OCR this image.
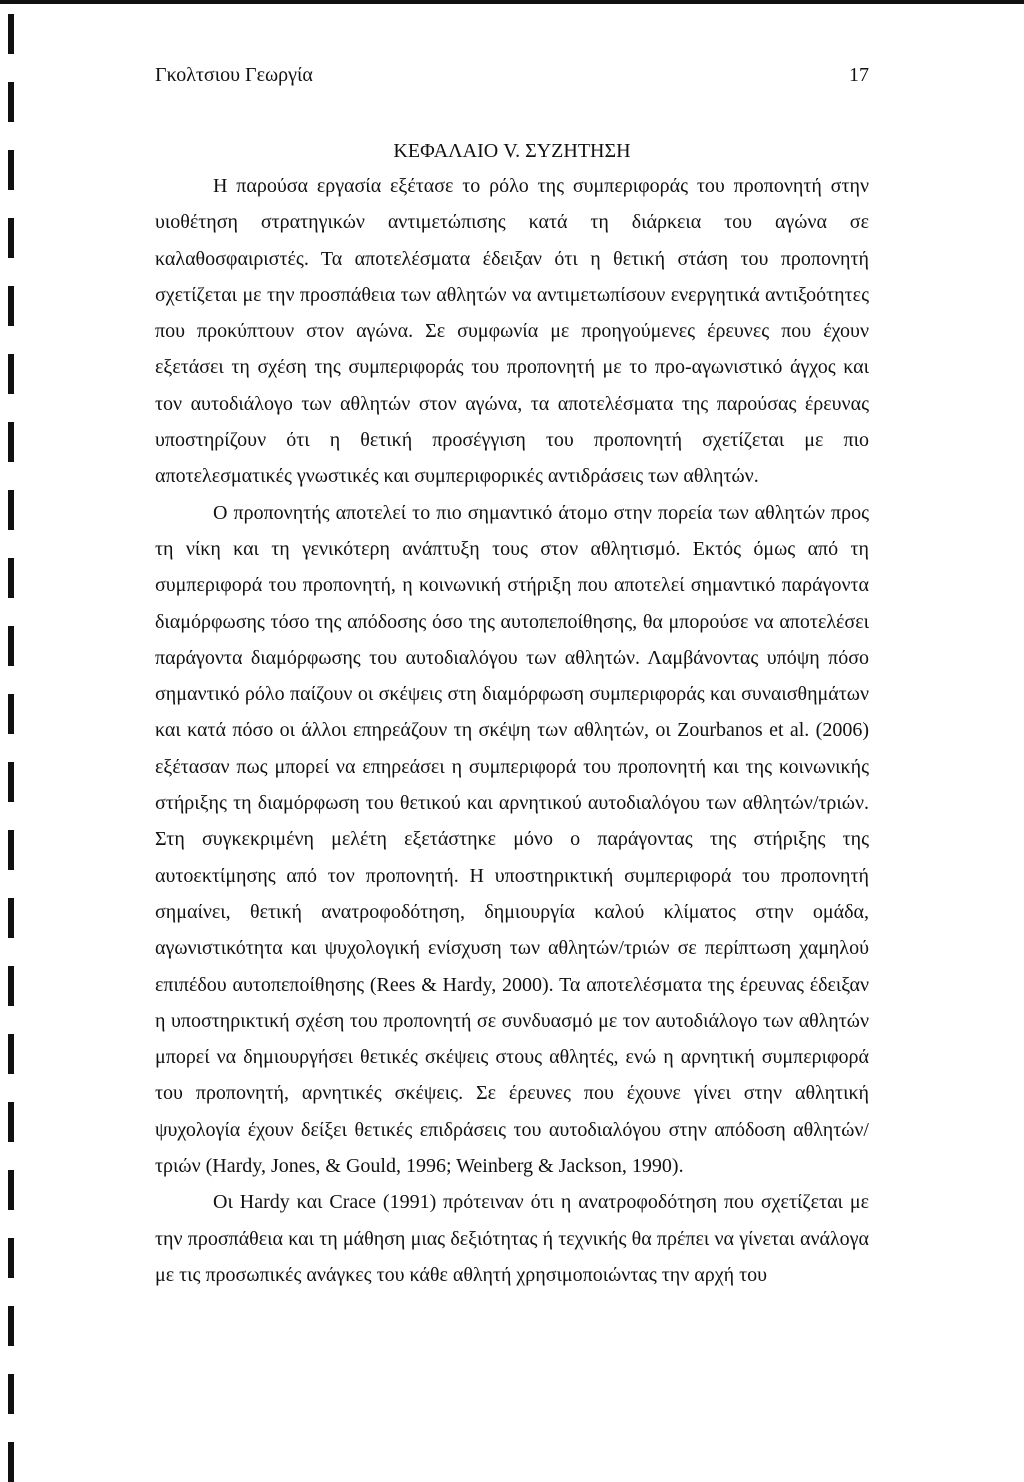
Γκολτσιου Γεωργία	17
ΚΕΦΑΛΑΙΟ V. ΣΥΖΗΤΗΣΗ

Η παρούσα εργασία εξέτασε το ρόλο της συμπεριφοράς του προπονητή στην υιοθέτηση στρατηγικών αντιμετώπισης κατά τη διάρκεια του αγώνα σε καλαθοσφαιριστές. Τα αποτελέσματα έδειξαν ότι η θετική στάση του προπονητή σχετίζεται με την προσπάθεια των αθλητών να αντιμετωπίσουν ενεργητικά αντιξοότητες που προκύπτουν στον αγώνα. Σε συμφωνία με προηγούμενες έρευνες που έχουν εξετάσει τη σχέση της συμπεριφοράς του προπονητή με το προ-αγωνιστικό άγχος και τον αυτοδιάλογο των αθλητών στον αγώνα, τα αποτελέσματα της παρούσας έρευνας υποστηρίζουν ότι η θετική προσέγγιση του προπονητή σχετίζεται με πιο αποτελεσματικές γνωστικές και συμπεριφορικές αντιδράσεις των αθλητών.

Ο προπονητής αποτελεί το πιο σημαντικό άτομο στην πορεία των αθλητών προς τη νίκη και τη γενικότερη ανάπτυξη τους στον αθλητισμό. Εκτός όμως από τη συμπεριφορά του προπονητή, η κοινωνική στήριξη που αποτελεί σημαντικό παράγοντα διαμόρφωσης τόσο της απόδοσης όσο της αυτοπεποίθησης, θα μπορούσε να αποτελέσει παράγοντα διαμόρφωσης του αυτοδιαλόγου των αθλητών. Λαμβάνοντας υπόψη πόσο σημαντικό ρόλο παίζουν οι σκέψεις στη διαμόρφωση συμπεριφοράς και συναισθημάτων και κατά πόσο οι άλλοι επηρεάζουν τη σκέψη των αθλητών, οι Zourbanos et al. (2006) εξέτασαν πως μπορεί να επηρεάσει η συμπεριφορά του προπονητή και της κοινωνικής στήριξης τη διαμόρφωση του θετικού και αρνητικού αυτοδιαλόγου των αθλητών/τριών. Στη συγκεκριμένη μελέτη εξετάστηκε μόνο ο παράγοντας της στήριξης της αυτοεκτίμησης από τον προπονητή. Η υποστηρικτική συμπεριφορά του προπονητή σημαίνει, θετική ανατροφοδότηση, δημιουργία καλού κλίματος στην ομάδα, αγωνιστικότητα και ψυχολογική ενίσχυση των αθλητών/τριών σε περίπτωση χαμηλού επιπέδου αυτοπεποίθησης (Rees & Hardy, 2000). Τα αποτελέσματα της έρευνας έδειξαν η υποστηρικτική σχέση του προπονητή σε συνδυασμό με τον αυτοδιάλογο των αθλητών μπορεί να δημιουργήσει θετικές σκέψεις στους αθλητές, ενώ η αρνητική συμπεριφορά του προπονητή, αρνητικές σκέψεις. Σε έρευνες που έχουνε γίνει στην αθλητική ψυχολογία έχουν δείξει θετικές επιδράσεις του αυτοδιαλόγου στην απόδοση αθλητών/τριών (Hardy, Jones, & Gould, 1996; Weinberg & Jackson, 1990).

Οι Hardy και Crace (1991) πρότειναν ότι η ανατροφοδότηση που σχετίζεται με την προσπάθεια και τη μάθηση μιας δεξιότητας ή τεχνικής θα πρέπει να γίνεται ανάλογα με τις προσωπικές ανάγκες του κάθε αθλητή χρησιμοποιώντας την αρχή του
